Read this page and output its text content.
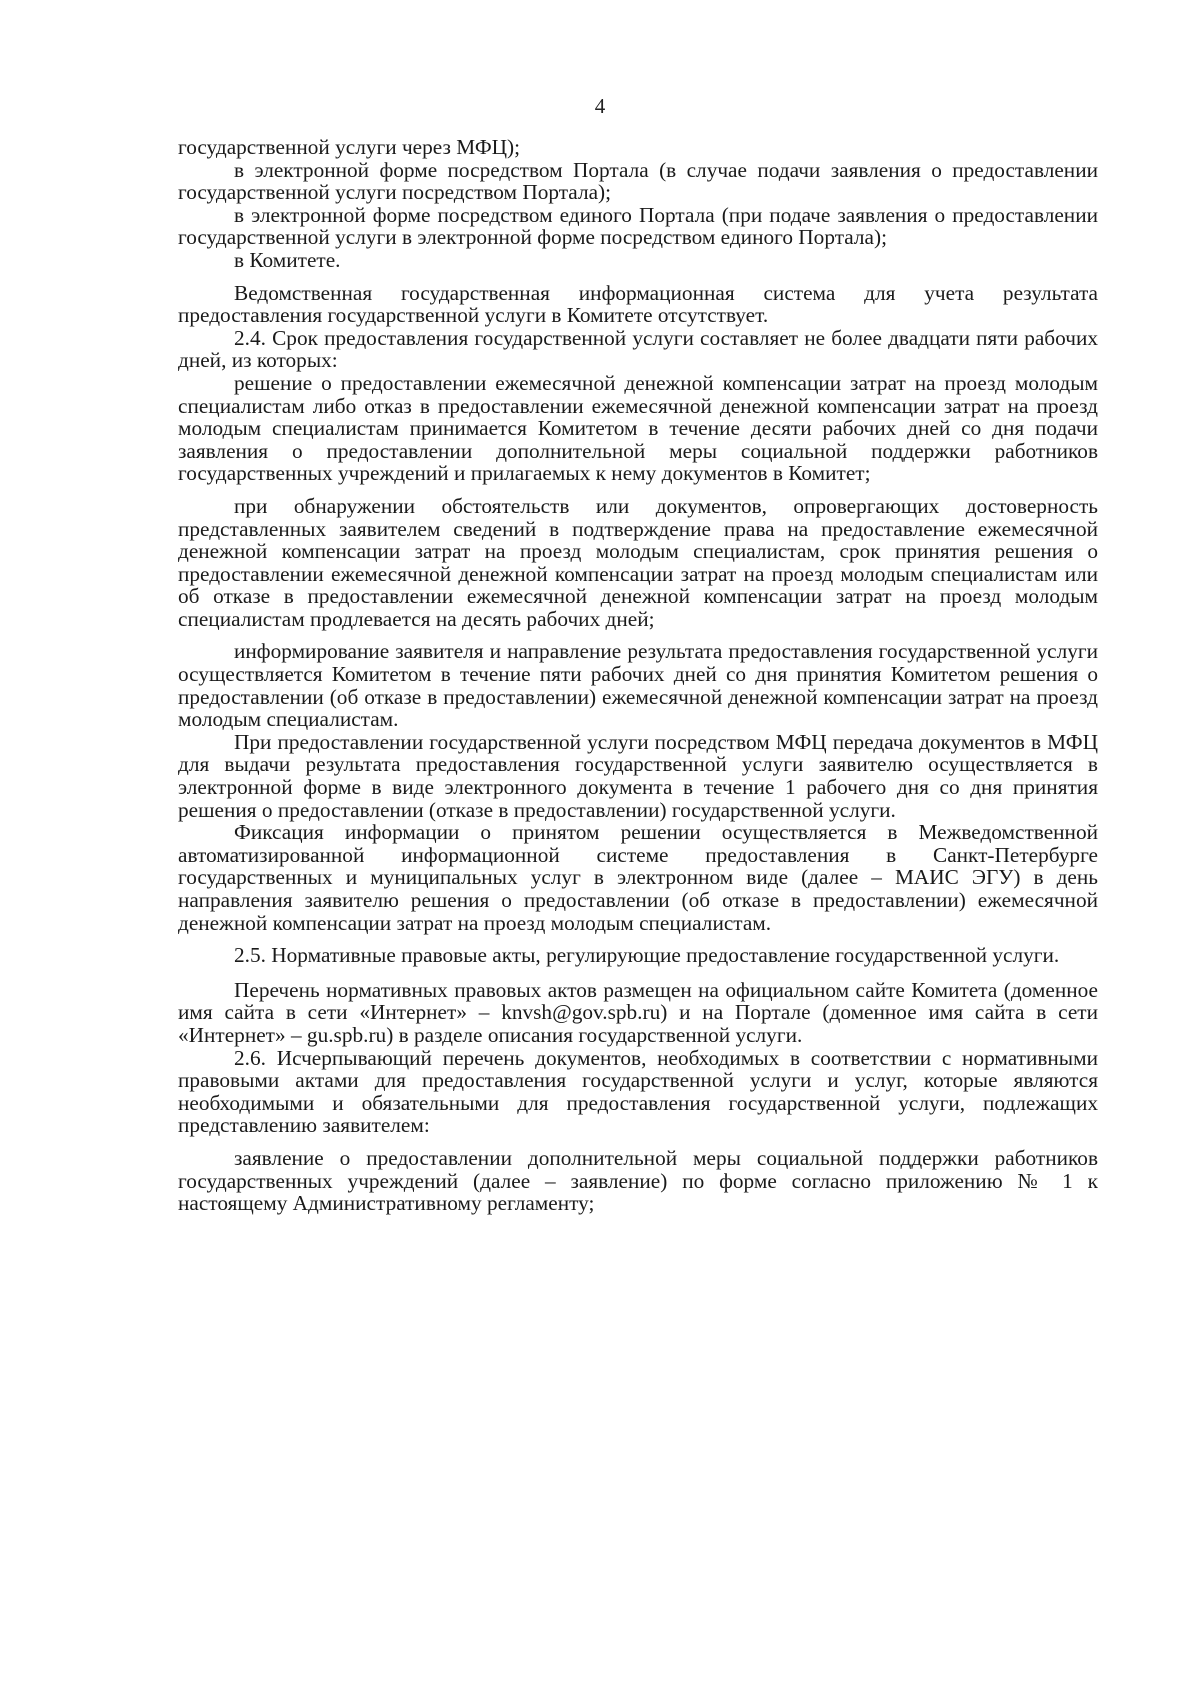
4

государственной услуги через МФЦ);

в электронной форме посредством Портала (в случае подачи заявления о предоставлении государственной услуги посредством Портала);

в электронной форме посредством единого Портала (при подаче заявления о предоставлении государственной услуги в электронной форме посредством единого Портала);

в Комитете.

Ведомственная государственная информационная система для учета результата предоставления государственной услуги в Комитете отсутствует.

2.4. Срок предоставления государственной услуги составляет не более двадцати пяти рабочих дней, из которых:

решение о предоставлении ежемесячной денежной компенсации затрат на проезд молодым специалистам либо отказ в предоставлении ежемесячной денежной компенсации затрат на проезд молодым специалистам принимается Комитетом в течение десяти рабочих дней со дня подачи заявления о предоставлении дополнительной меры социальной поддержки работников государственных учреждений и прилагаемых к нему документов в Комитет;

при обнаружении обстоятельств или документов, опровергающих достоверность представленных заявителем сведений в подтверждение права на предоставление ежемесячной денежной компенсации затрат на проезд молодым специалистам, срок принятия решения о предоставлении ежемесячной денежной компенсации затрат на проезд молодым специалистам или об отказе в предоставлении ежемесячной денежной компенсации затрат на проезд молодым специалистам продлевается на десять рабочих дней;

информирование заявителя и направление результата предоставления государственной услуги осуществляется Комитетом в течение пяти рабочих дней со дня принятия Комитетом решения о предоставлении (об отказе в предоставлении) ежемесячной денежной компенсации затрат на проезд молодым специалистам.

При предоставлении государственной услуги посредством МФЦ передача документов в МФЦ для выдачи результата предоставления государственной услуги заявителю осуществляется в электронной форме в виде электронного документа в течение 1 рабочего дня со дня принятия решения о предоставлении (отказе в предоставлении) государственной услуги.

Фиксация информации о принятом решении осуществляется в Межведомственной автоматизированной информационной системе предоставления в Санкт-Петербурге государственных и муниципальных услуг в электронном виде (далее – МАИС ЭГУ) в день направления заявителю решения о предоставлении (об отказе в предоставлении) ежемесячной денежной компенсации затрат на проезд молодым специалистам.

2.5. Нормативные правовые акты, регулирующие предоставление государственной услуги.

Перечень нормативных правовых актов размещен на официальном сайте Комитета (доменное имя сайта в сети «Интернет» – knvsh@gov.spb.ru) и на Портале (доменное имя сайта в сети «Интернет» – gu.spb.ru) в разделе описания государственной услуги.

2.6. Исчерпывающий перечень документов, необходимых в соответствии с нормативными правовыми актами для предоставления государственной услуги и услуг, которые являются необходимыми и обязательными для предоставления государственной услуги, подлежащих представлению заявителем:

заявление о предоставлении дополнительной меры социальной поддержки работников государственных учреждений (далее – заявление) по форме согласно приложению № 1 к настоящему Административному регламенту;
